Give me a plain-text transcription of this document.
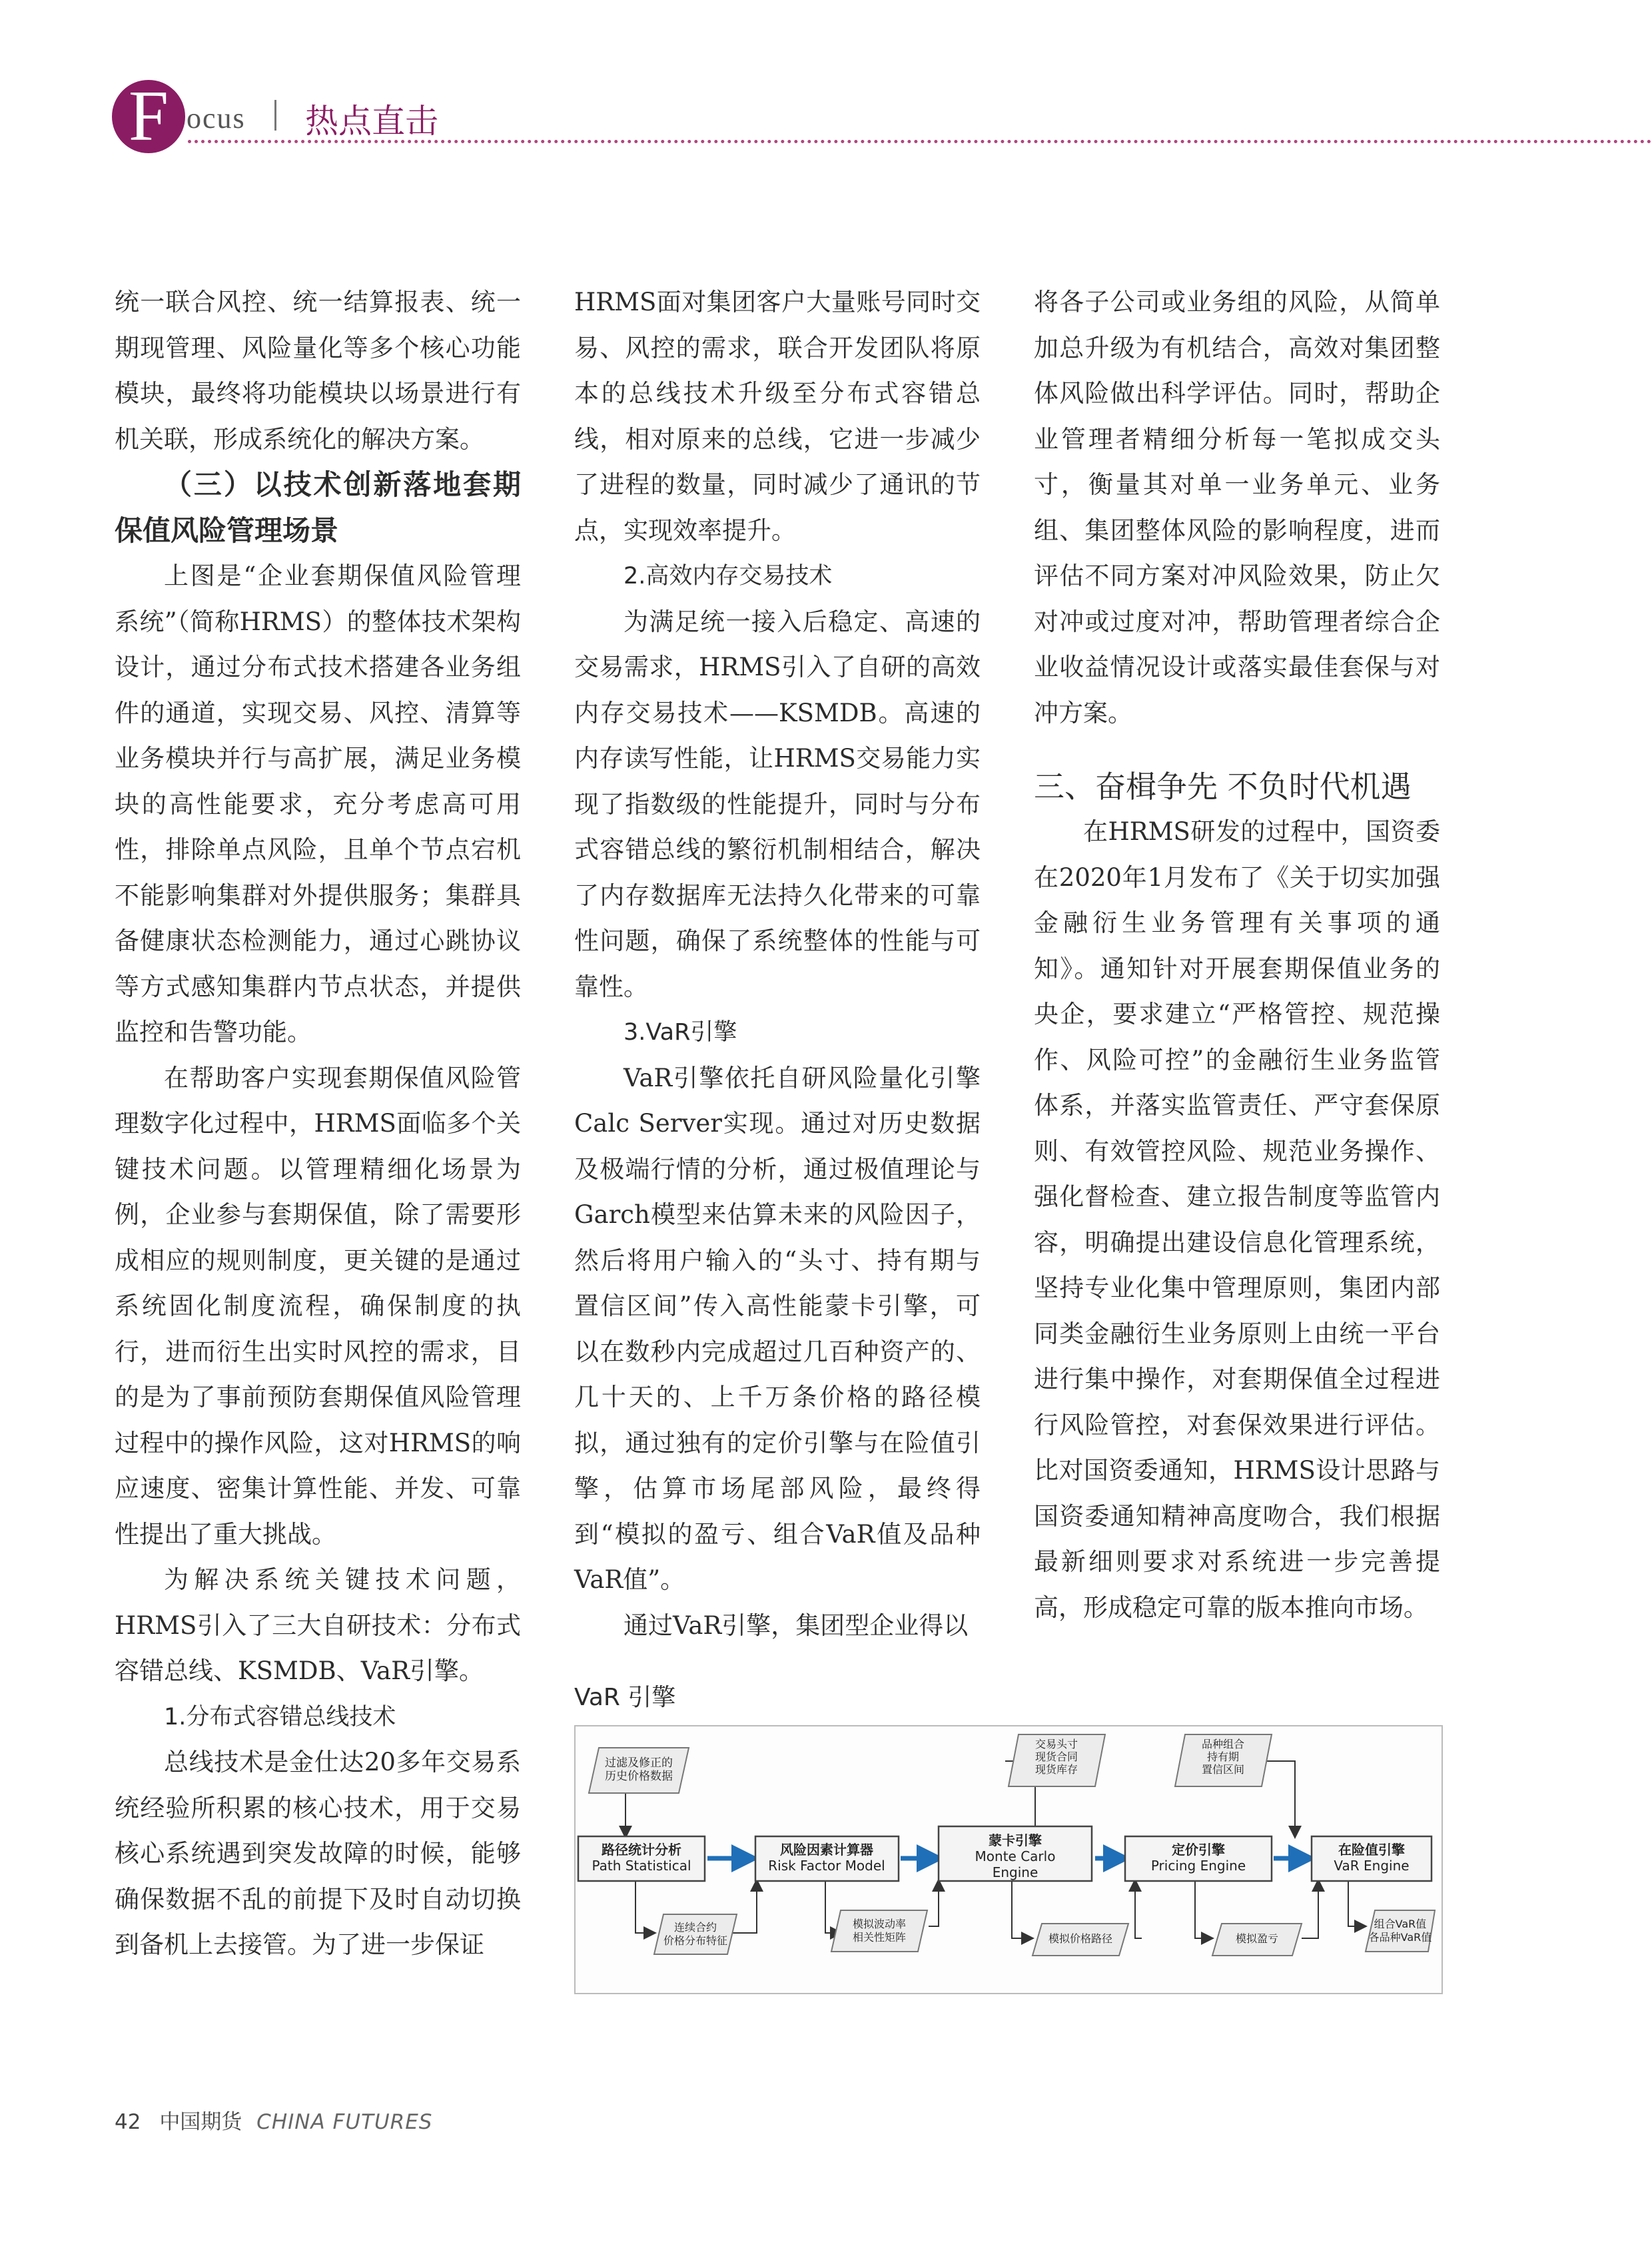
F ocus 热点直击

统一联合风控、统一结算报表、统一期现管理、风险量化等多个核心功能模块，最终将功能模块以场景进行有机关联，形成系统化的解决方案。

（三）以技术创新落地套期保值风险管理场景

上图是“企业套期保值风险管理系统”（简称HRMS）的整体技术架构设计，通过分布式技术搭建各业务组件的通道，实现交易、风控、清算等业务模块并行与高扩展，满足业务模块的高性能要求，充分考虑高可用性，排除单点风险，且单个节点宕机不能影响集群对外提供服务；集群具备健康状态检测能力，通过心跳协议等方式感知集群内节点状态，并提供监控和告警功能。

在帮助客户实现套期保值风险管理数字化过程中，HRMS面临多个关键技术问题。以管理精细化场景为例，企业参与套期保值，除了需要形成相应的规则制度，更关键的是通过系统固化制度流程，确保制度的执行，进而衍生出实时风控的需求，目的是为了事前预防套期保值风险管理过程中的操作风险，这对HRMS的响应速度、密集计算性能、并发、可靠性提出了重大挑战。

为解决系统关键技术问题，HRMS引入了三大自研技术：分布式容错总线、KSMDB、VaR引擎。

1.分布式容错总线技术

总线技术是金仕达20多年交易系统经验所积累的核心技术，用于交易核心系统遇到突发故障的时候，能够确保数据不乱的前提下及时自动切换到备机上去接管。为了进一步保证

HRMS面对集团客户大量账号同时交易、风控的需求，联合开发团队将原本的总线技术升级至分布式容错总线，相对原来的总线，它进一步减少了进程的数量，同时减少了通讯的节点，实现效率提升。

2.高效内存交易技术

为满足统一接入后稳定、高速的交易需求，HRMS引入了自研的高效内存交易技术——KSMDB。高速的内存读写性能，让HRMS交易能力实现了指数级的性能提升，同时与分布式容错总线的繁衍机制相结合，解决了内存数据库无法持久化带来的可靠性问题，确保了系统整体的性能与可靠性。

3.VaR引擎

VaR引擎依托自研风险量化引擎Calc Server实现。通过对历史数据及极端行情的分析，通过极值理论与Garch模型来估算未来的风险因子，然后将用户输入的“头寸、持有期与置信区间”传入高性能蒙卡引擎，可以在数秒内完成超过几百种资产的、几十天的、上千万条价格的路径模拟，通过独有的定价引擎与在险值引擎，估算市场尾部风险，最终得到“模拟的盈亏、组合VaR值及品种VaR值”。

通过VaR引擎，集团型企业得以

将各子公司或业务组的风险，从简单加总升级为有机结合，高效对集团整体风险做出科学评估。同时，帮助企业管理者精细分析每一笔拟成交头寸，衡量其对单一业务单元、业务组、集团整体风险的影响程度，进而评估不同方案对冲风险效果，防止欠对冲或过度对冲，帮助管理者综合企业收益情况设计或落实最佳套保与对冲方案。

三、奋楫争先 不负时代机遇

在HRMS研发的过程中，国资委在2020年1月发布了《关于切实加强金融衍生业务管理有关事项的通知》。通知针对开展套期保值业务的央企，要求建立“严格管控、规范操作、风险可控”的金融衍生业务监管体系，并落实监管责任、严守套保原则、有效管控风险、规范业务操作、强化督检查、建立报告制度等监管内容，明确提出建设信息化管理系统，坚持专业化集中管理原则，集团内部同类金融衍生业务原则上由统一平台进行集中操作，对套期保值全过程进行风险管控，对套保效果进行评估。比对国资委通知，HRMS设计思路与国资委通知精神高度吻合，我们根据最新细则要求对系统进一步完善提高，形成稳定可靠的版本推向市场。

VaR 引擎
过滤及修正的
历史价格数据
交易头寸
现货合同
现货库存
品种组合
持有期
置信区间
路径统计分析
Path Statistical
风险因素计算器
Risk Factor Model
蒙卡引擎
Monte Carlo
Engine
定价引擎
Pricing Engine
在险值引擎
VaR Engine
连续合约
价格分布特征
模拟波动率
相关性矩阵	模拟价格路径	模拟盈亏
组合VaR值
各品种VaR值
42 中国期货 CHINA FUTURES
